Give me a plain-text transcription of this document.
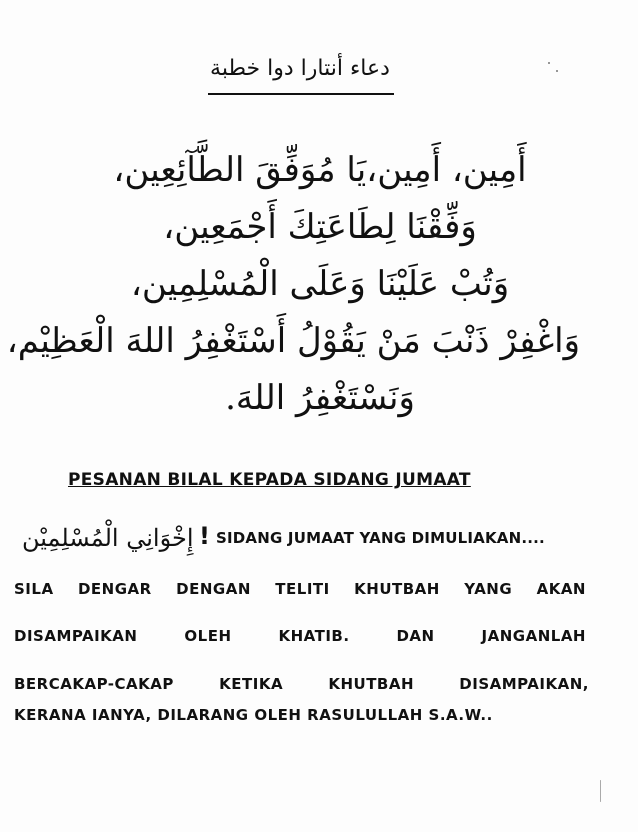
دعاء أنتارا دوا خطبة
أَمِين، أَمِين،يَا مُوَفِّقَ الطَّآئِعِين،
وَفِّقْنَا لِطَاعَتِكَ أَجْمَعِين،
وَتُبْ عَلَيْنَا وَعَلَى الْمُسْلِمِين،
وَاغْفِرْ ذَنْبَ مَنْ يَقُوْلُ أَسْتَغْفِرُ اللهَ الْعَظِيْم،
وَنَسْتَغْفِرُ اللهَ.
PESANAN BILAL KEPADA SIDANG JUMAAT
إِخْوَانِي الْمُسْلِمِيْن ! SIDANG JUMAAT YANG DIMULIAKAN....
SILA DENGAR DENGAN TELITI KHUTBAH YANG AKAN
DISAMPAIKAN	OLEH	KHATIB.	DAN	JANGANLAH
BERCAKAP-CAKAP	KETIKA	KHUTBAH	DISAMPAIKAN,
KERANA IANYA, DILARANG OLEH RASULULLAH S.A.W..
